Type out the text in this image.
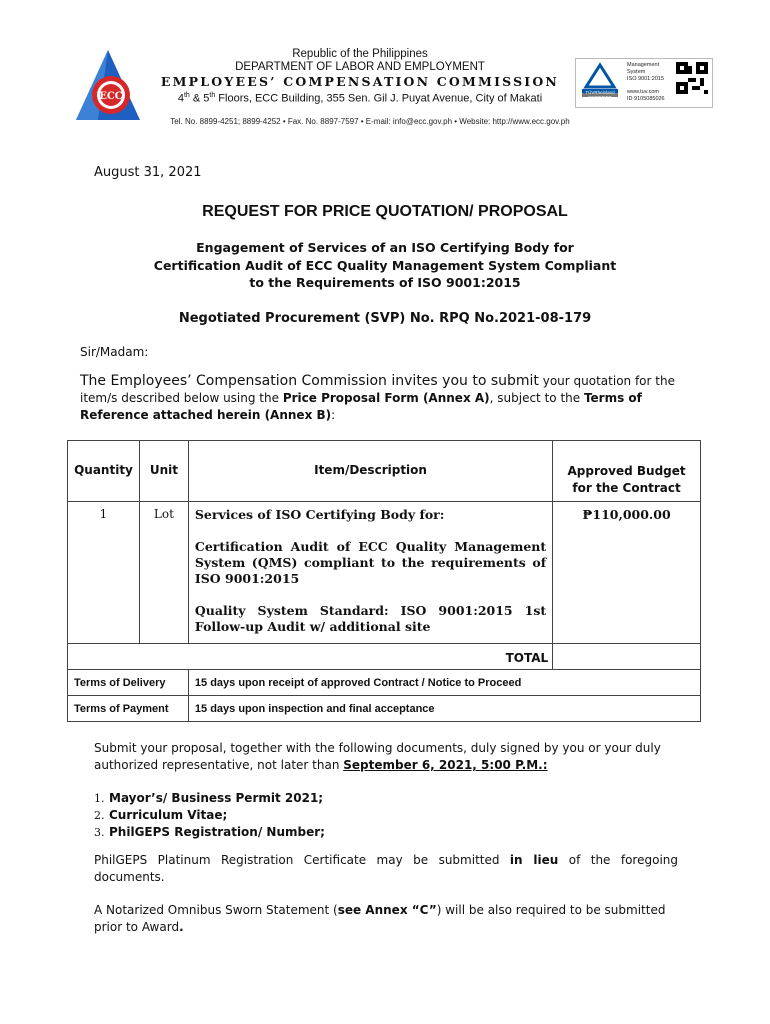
ECC
Republic of the Philippines
DEPARTMENT OF LABOR AND EMPLOYMENT
EMPLOYEES’ COMPENSATION COMMISSION
4th & 5th Floors, ECC Building, 355 Sen. Gil J. Puyat Avenue, City of Makati
Management
System
ISO 9001:2015
www.tuv.com
ID 9105085026
TÜVRheinland
CERTIFIED
Tel. No. 8899-4251; 8899-4252 • Fax. No. 8897-7597 • E-mail: info@ecc.gov.ph • Website: http://www.ecc.gov.ph
August 31, 2021
REQUEST FOR PRICE QUOTATION/ PROPOSAL
Engagement of Services of an ISO Certifying Body for
Certification Audit of ECC Quality Management System Compliant
to the Requirements of ISO 9001:2015
Negotiated Procurement (SVP) No. RPQ No.2021-08-179
Sir/Madam:
The Employees’ Compensation Commission invites you to submit your quotation for the item/s described below using the Price Proposal Form (Annex A), subject to the Terms of Reference attached herein (Annex B):
Quantity	Unit	Item/Description	Approved Budget
for the Contract

1	Lot	Services of ISO Certifying Body for:

Certification Audit of ECC Quality Management System (QMS) compliant to the requirements of ISO 9001:2015

Quality System Standard: ISO 9001:2015 1st Follow-up Audit w/ additional site	₱110,000.00
TOTAL			
Terms of Delivery		15 days upon receipt of approved Contract / Notice to Proceed	
Terms of Payment		15 days upon inspection and final acceptance	
Submit your proposal, together with the following documents, duly signed by you or your duly authorized representative, not later than September 6, 2021, 5:00 P.M.:
1. Mayor’s/ Business Permit 2021;
2. Curriculum Vitae;
3. PhilGEPS Registration/ Number;
PhilGEPS Platinum Registration Certificate may be submitted in lieu of the foregoing documents.
A Notarized Omnibus Sworn Statement (see Annex “C”) will be also required to be submitted prior to Award.
